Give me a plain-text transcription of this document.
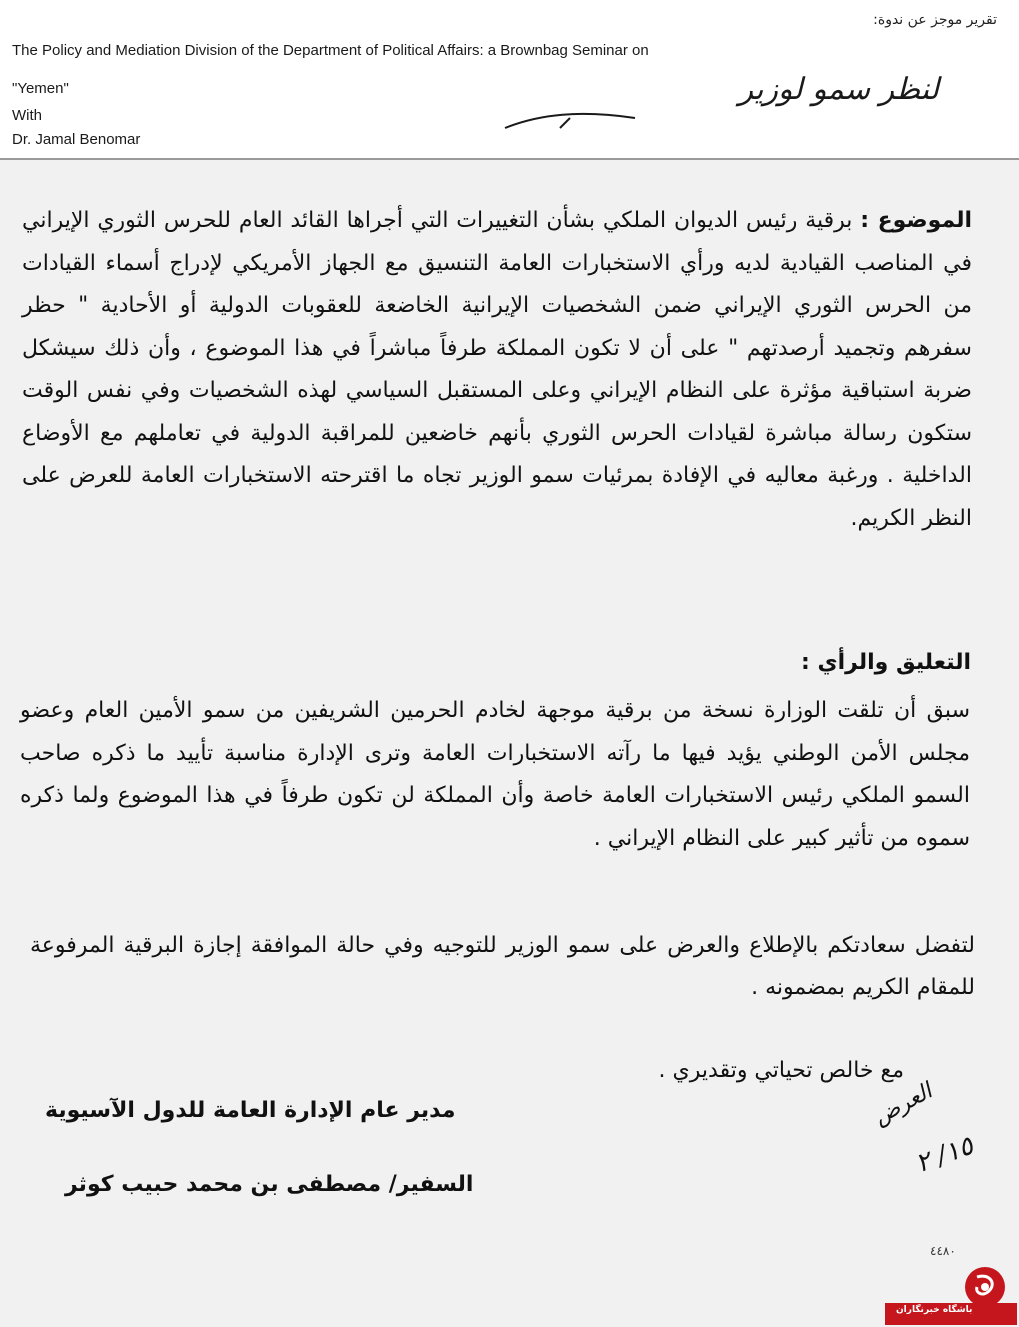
تقرير موجز عن ندوة:
The Policy and Mediation Division of the Department of Political Affairs: a Brownbag Seminar on
"Yemen"
With
Dr. Jamal Benomar
لنظر سمو لوزير
الموضوع : برقية رئيس الديوان الملكي بشأن التغييرات التي أجراها القائد العام للحرس الثوري الإيراني في المناصب القيادية لديه ورأي الاستخبارات العامة التنسيق مع الجهاز الأمريكي لإدراج أسماء القيادات من الحرس الثوري الإيراني ضمن الشخصيات الإيرانية الخاضعة للعقوبات الدولية أو الأحادية " حظر سفرهم وتجميد أرصدتهم " على أن لا تكون المملكة طرفاً مباشراً في هذا الموضوع ، وأن ذلك سيشكل ضربة استباقية مؤثرة على النظام الإيراني وعلى المستقبل السياسي لهذه الشخصيات وفي نفس الوقت ستكون رسالة مباشرة لقيادات الحرس الثوري بأنهم خاضعين للمراقبة الدولية في تعاملهم مع الأوضاع الداخلية . ورغبة معاليه في الإفادة بمرئيات سمو الوزير تجاه ما اقترحته الاستخبارات العامة للعرض على النظر الكريم.
التعليق والرأي :
سبق أن تلقت الوزارة نسخة من برقية موجهة لخادم الحرمين الشريفين من سمو الأمين العام وعضو مجلس الأمن الوطني يؤيد فيها ما رآته الاستخبارات العامة وترى الإدارة مناسبة تأييد ما ذكره صاحب السمو الملكي رئيس الاستخبارات العامة خاصة وأن المملكة لن تكون طرفاً في هذا الموضوع ولما ذكره سموه من تأثير كبير على النظام الإيراني .
لتفضل سعادتكم بالإطلاع والعرض على سمو الوزير للتوجيه وفي حالة الموافقة إجازة البرقية المرفوعة للمقام الكريم بمضمونه .
مع خالص تحياتي وتقديري .
مدير عام الإدارة العامة للدول الآسيوية
السفير/ مصطفى بن محمد حبيب كوثر
العرض
١٥/ ٢
٤٤٨٠
باشگاه خبرنگاران
